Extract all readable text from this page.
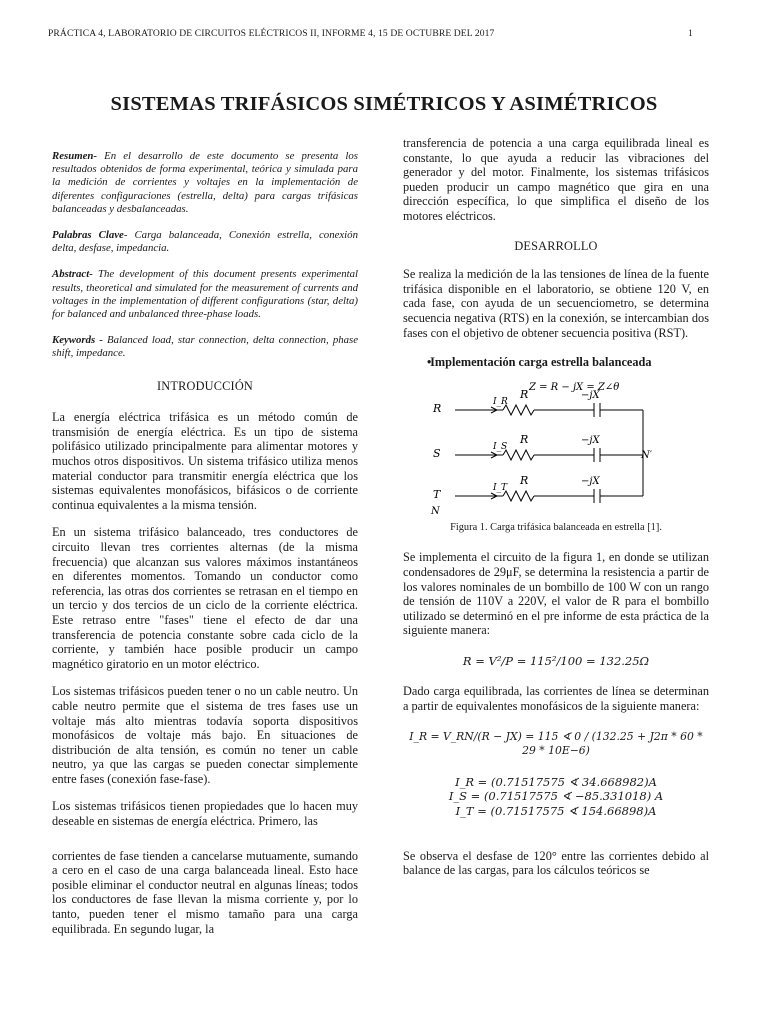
PRÁCTICA 4, LABORATORIO DE CIRCUITOS ELÉCTRICOS II, INFORME 4, 15 DE OCTUBRE DEL 2017	1
SISTEMAS TRIFÁSICOS SIMÉTRICOS Y ASIMÉTRICOS

Resumen- En el desarrollo de este documento se presenta los resultados obtenidos de forma experimental, teórica y simulada para la medición de corrientes y voltajes en la implementación de diferentes configuraciones (estrella, delta) para cargas trifásicas balanceadas y desbalanceadas.

Palabras Clave- Carga balanceada, Conexión estrella, conexión delta, desfase, impedancia.

Abstract- The development of this document presents experimental results, theoretical and simulated for the measurement of currents and voltages in the implementation of different configurations (star, delta) for balanced and unbalanced three-phase loads.

Keywords - Balanced load, star connection, delta connection, phase shift, impedance.

INTRODUCCIÓN

La energía eléctrica trifásica es un método común de transmisión de energía eléctrica. Es un tipo de sistema polifásico utilizado principalmente para alimentar motores y muchos otros dispositivos. Un sistema trifásico utiliza menos material conductor para transmitir energía eléctrica que los sistemas equivalentes monofásicos, bifásicos o de corriente continua equivalentes a la misma tensión.

En un sistema trifásico balanceado, tres conductores de circuito llevan tres corrientes alternas (de la misma frecuencia) que alcanzan sus valores máximos instantáneos en diferentes momentos. Tomando un conductor como referencia, las otras dos corrientes se retrasan en el tiempo en un tercio y dos tercios de un ciclo de la corriente eléctrica. Este retraso entre "fases" tiene el efecto de dar una transferencia de potencia constante sobre cada ciclo de la corriente, y también hace posible producir un campo magnético giratorio en un motor eléctrico.

Los sistemas trifásicos pueden tener o no un cable neutro. Un cable neutro permite que el sistema de tres fases use un voltaje más alto mientras todavía soporta dispositivos monofásicos de voltaje más bajo. En situaciones de distribución de alta tensión, es común no tener un cable neutro, ya que las cargas se pueden conectar simplemente entre fases (conexión fase-fase).

Los sistemas trifásicos tienen propiedades que lo hacen muy deseable en sistemas de energía eléctrica. Primero, las

corrientes de fase tienden a cancelarse mutuamente, sumando a cero en el caso de una carga balanceada lineal. Esto hace posible eliminar el conductor neutral en algunas líneas; todos los conductores de fase llevan la misma corriente y, por lo tanto, pueden tener el mismo tamaño para una carga equilibrada. En segundo lugar, la

transferencia de potencia a una carga equilibrada lineal es constante, lo que ayuda a reducir las vibraciones del generador y del motor. Finalmente, los sistemas trifásicos pueden producir un campo magnético que gira en una dirección específica, lo que simplifica el diseño de los motores eléctricos.

DESARROLLO

Se realiza la medición de la las tensiones de línea de la fuente trifásica disponible en el laboratorio, se obtiene 120 V, en cada fase, con ayuda de un secuenciometro, se determina secuencia negativa (RTS) en la conexión, se intercambian dos fases con el objetivo de obtener secuencia positiva (RST).

• Implementación carga estrella balanceada

Z = R − jX = Z∠θ
R	I_R
R	−jX
S	I_S
R	−jX
T	I_T
R	−jX
N′
N

Figura 1. Carga trifásica balanceada en estrella [1].

Se implementa el circuito de la figura 1, en donde se utilizan condensadores de 29μF, se determina la resistencia a partir de los valores nominales de un bombillo de 100 W con un rango de tensión de 110V a 220V, el valor de R para el bombillo utilizado se determinó en el pre informe de esta práctica de la siguiente manera:

R = V²/P = 115²/100 = 132.25Ω

Dado carga equilibrada, las corrientes de línea se determinan a partir de equivalentes monofásicos de la siguiente manera:

I_R = V_RN/(R − JX) = 115 ∢ 0 / (132.25 + J2π * 60 * 29 * 10E−6)

I_R = (0.71517575 ∢ 34.668982)A

I_S = (0.71517575 ∢ −85.331018) A

I_T = (0.71517575 ∢ 154.66898)A

Se observa el desfase de 120° entre las corrientes debido al balance de las cargas, para los cálculos teóricos se
